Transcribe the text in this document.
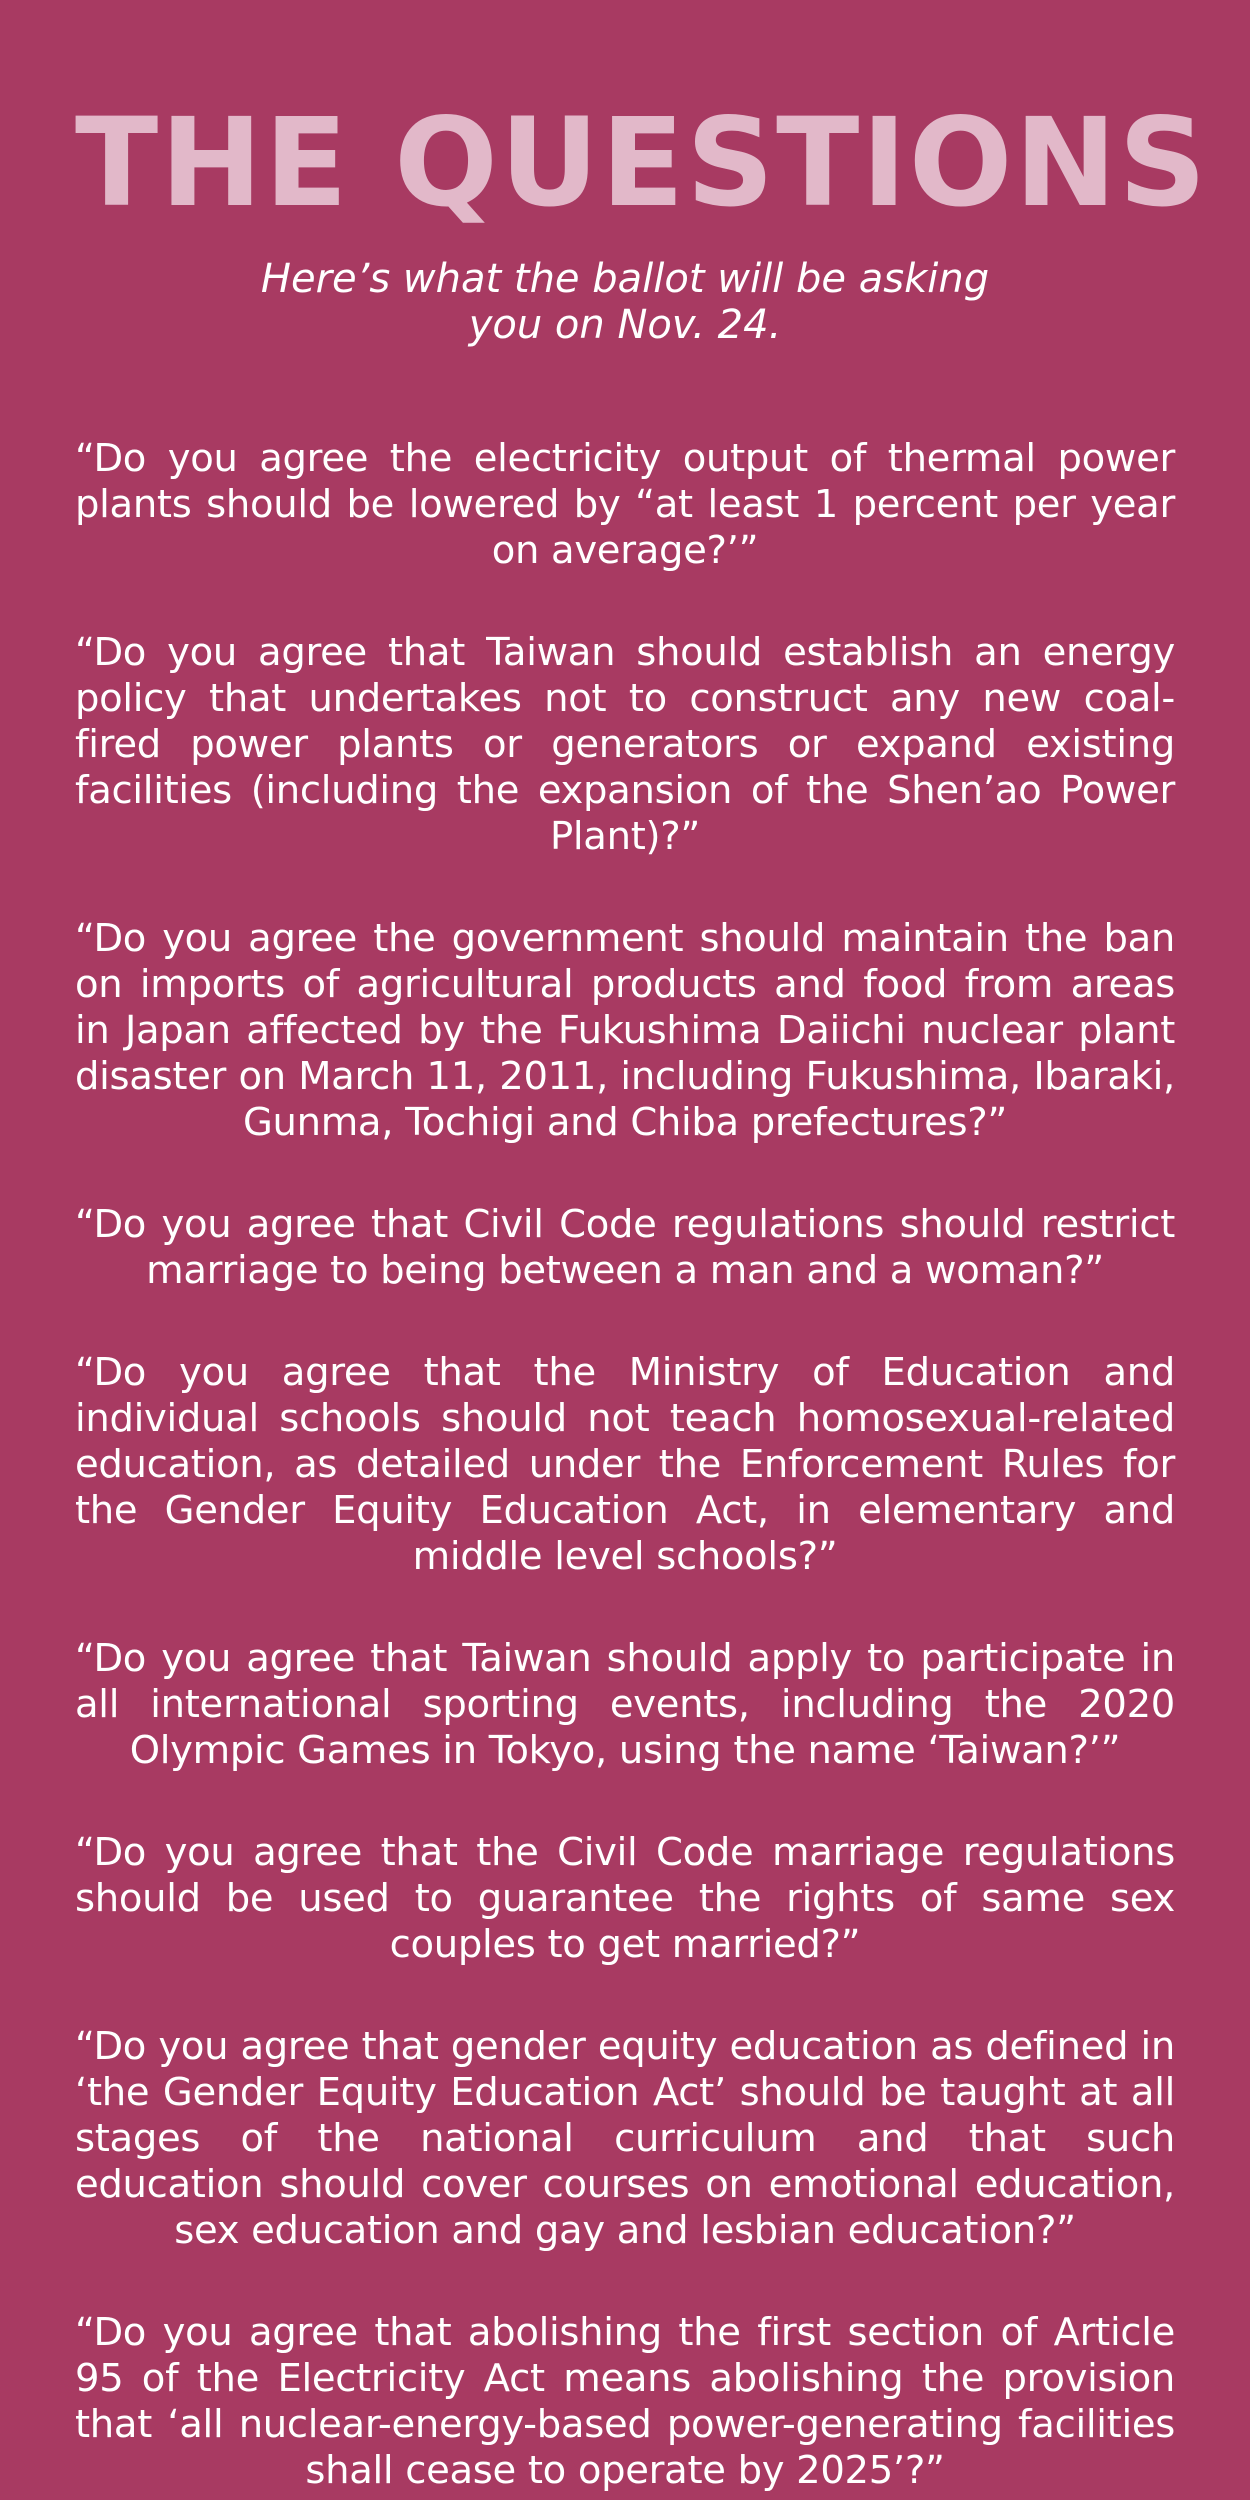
THE QUESTIONS

Here’s what the ballot will be asking you on Nov. 24.

“Do you agree the electricity output of thermal power plants should be lowered by “at least 1 percent per year on average?’”

“Do you agree that Taiwan should establish an energy policy that undertakes not to construct any new coal-fired power plants or generators or expand existing facilities (including the expansion of the Shen’ao Power Plant)?”

“Do you agree the government should maintain the ban on imports of agricultural products and food from areas in Japan affected by the Fukushima Daiichi nuclear plant disaster on March 11, 2011, including Fukushima, Ibaraki, Gunma, Tochigi and Chiba prefectures?”

“Do you agree that Civil Code regulations should restrict marriage to being between a man and a woman?”

“Do you agree that the Ministry of Education and individual schools should not teach homosexual-related education, as detailed under the Enforcement Rules for the Gender Equity Education Act, in elementary and middle level schools?”

“Do you agree that Taiwan should apply to participate in all international sporting events, including the 2020 Olympic Games in Tokyo, using the name ‘Taiwan?’”

“Do you agree that the Civil Code marriage regulations should be used to guarantee the rights of same sex couples to get married?”

“Do you agree that gender equity education as defined in ‘the Gender Equity Education Act’ should be taught at all stages of the national curriculum and that such education should cover courses on emotional education, sex education and gay and lesbian education?”

“Do you agree that abolishing the first section of Article 95 of the Electricity Act means abolishing the provision that ‘all nuclear-energy-based power-generating facilities shall cease to operate by 2025’?”
